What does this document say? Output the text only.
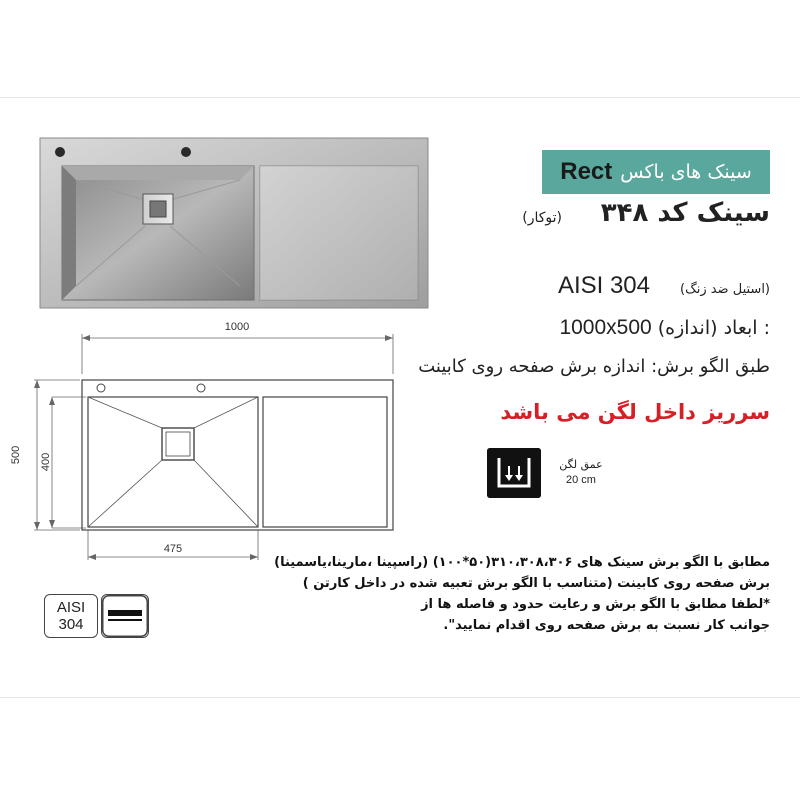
سینک های باکس
Rect
سینک کد ۳۴۸
(توکار)
(استیل ضد زنگ)
AISI 304
: ابعاد (اندازه) 1000x500
طبق الگو برش: اندازه برش صفحه روی کابینت
سرریز داخل لگن می باشد
عمق لگن
20 cm
1000
500 400
475
مطابق با الگو برش سینک های ۳۱۰،۳۰۸،۳۰۶(۵۰*۱۰۰) (راسپینا ،مارینا،یاسمینا)
برش صفحه روی کابینت (متناسب با الگو برش تعبیه شده در داخل کارتن )
*لطفا مطابق با الگو برش و رعایت حدود و فاصله ها از
جوانب کار نسبت به برش صفحه روی اقدام نمایید".
AISI
304
